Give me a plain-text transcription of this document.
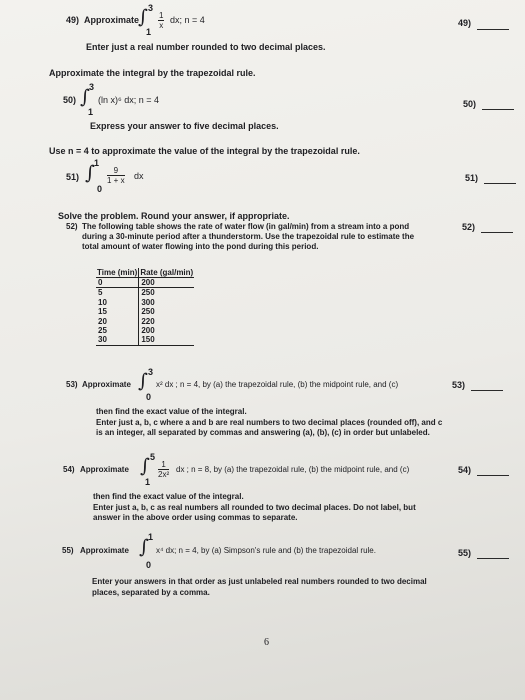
49) Approximate
3
∫
1
$\frac{1}{x}$ dx; n = 4
Enter just a real number rounded to two decimal places.
49)
Approximate the integral by the trapezoidal rule.
50)
3
∫
1
(ln x)⁶ dx; n = 4
Express your answer to five decimal places.
50)
Use n = 4 to approximate the value of the integral by the trapezoidal rule.
51)
1
∫
0
$\frac{9}{1 + x}$ dx	51)
Solve the problem. Round your answer, if appropriate.
52) The following table shows the rate of water flow (in gal/min) from a stream into a pond
during a 30-minute period after a thunderstorm. Use the trapezoidal rule to estimate the
total amount of water flowing into the pond during this period.
52)
Time (min)	Rate (gal/min)
0	200
5	250
10	300
15	250
20	220
25	200
30	150
53) Approximate
3
∫
0
x² dx ; n = 4, by (a) the trapezoidal rule, (b) the midpoint rule, and (c)
then find the exact value of the integral.
Enter just a, b, c where a and b are real numbers to two decimal places (rounded off), and c
is an integer, all separated by commas and answering (a), (b), (c) in order but unlabeled.
53)
54) Approximate
5
∫
1
$\frac{1}{\text{2x²}}$ dx ; n = 8, by (a) the trapezoidal rule, (b) the midpoint rule, and (c)
then find the exact value of the integral.
Enter just a, b, c as real numbers all rounded to two decimal places. Do not label, but
answer in the above order using commas to separate.
54)
55) Approximate
1
∫
0
x⁴ dx; n = 4, by (a) Simpson's rule and (b) the trapezoidal rule.
Enter your answers in that order as just unlabeled real numbers rounded to two decimal
places, separated by a comma.
55)
6
